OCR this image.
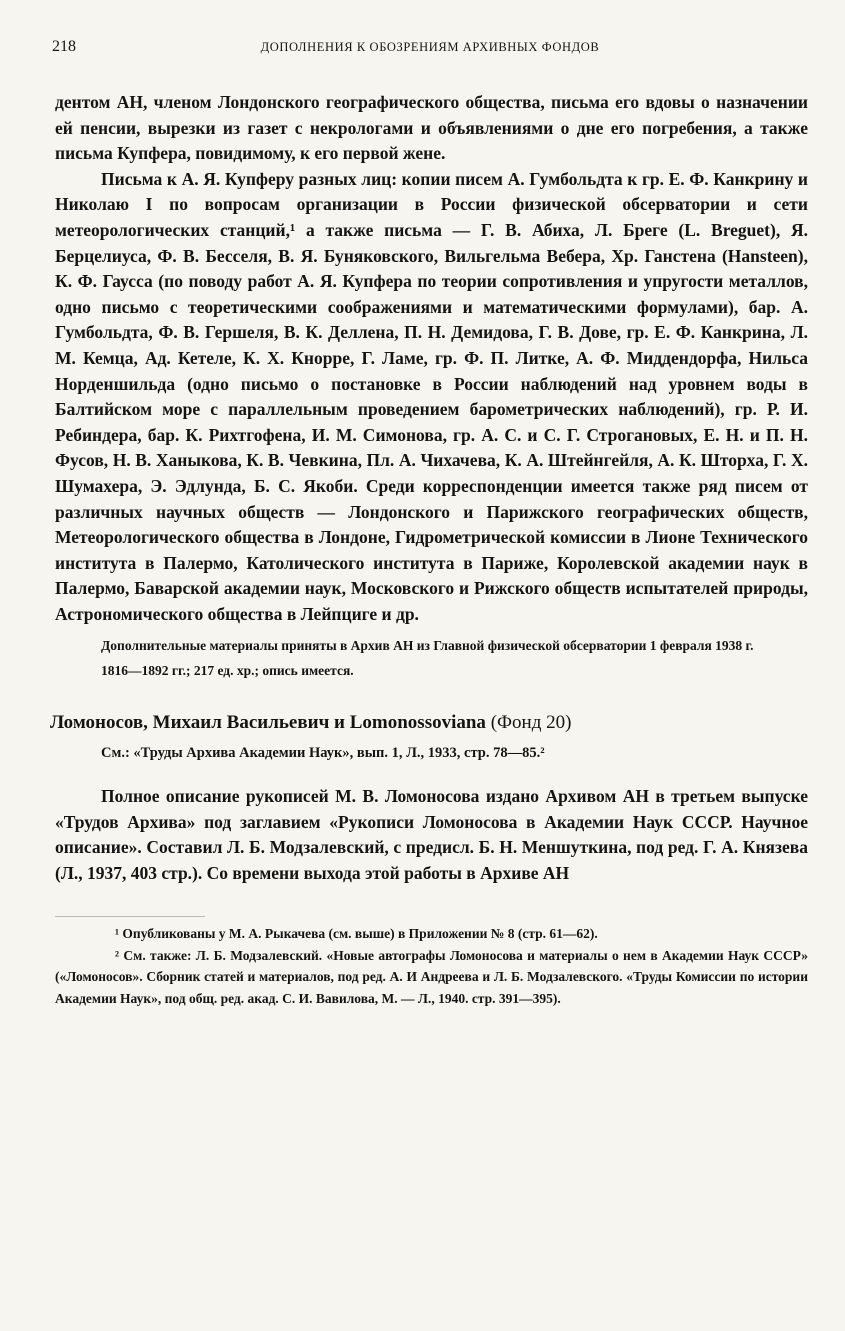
218	ДОПОЛНЕНИЯ К ОБОЗРЕНИЯМ АРХИВНЫХ ФОНДОВ

дентом АН, членом Лондонского географического общества, письма его вдовы о назначении ей пенсии, вырезки из газет с некрологами и объявлениями о дне его погребения, а также письма Купфера, повидимому, к его первой жене.

Письма к А. Я. Купферу разных лиц: копии писем А. Гумбольдта к гр. Е. Ф. Канкрину и Николаю I по вопросам организации в России физической обсерватории и сети метеорологических станций,¹ а также письма — Г. В. Абиха, Л. Бреге (L. Breguet), Я. Берцелиуса, Ф. В. Бесселя, В. Я. Буняковского, Вильгельма Вебера, Хр. Ганстена (Hansteen), К. Ф. Гаусса (по поводу работ А. Я. Купфера по теории сопротивления и упругости металлов, одно письмо с теоретическими соображениями и математическими формулами), бар. А. Гумбольдта, Ф. В. Гершеля, В. К. Деллена, П. Н. Демидова, Г. В. Дове, гр. Е. Ф. Канкрина, Л. М. Кемца, Ад. Кетеле, К. Х. Кнорре, Г. Ламе, гр. Ф. П. Литке, А. Ф. Миддендорфа, Нильса Норденшильда (одно письмо о постановке в России наблюдений над уровнем воды в Балтийском море с параллельным проведением барометрических наблюдений), гр. Р. И. Ребиндера, бар. К. Рихтгофена, И. М. Симонова, гр. А. С. и С. Г. Строгановых, Е. Н. и П. Н. Фусов, Н. В. Ханыкова, К. В. Чевкина, Пл. А. Чихачева, К. А. Штейнгейля, А. К. Шторха, Г. Х. Шумахера, Э. Эдлунда, Б. С. Якоби. Среди корреспонденции имеется также ряд писем от различных научных обществ — Лондонского и Парижского географических обществ, Метеорологического общества в Лондоне, Гидрометрической комиссии в Лионе Технического института в Палермо, Католического института в Париже, Королевской академии наук в Палермо, Баварской академии наук, Московского и Рижского обществ испытателей природы, Астрономического общества в Лейпциге и др.

Дополнительные материалы приняты в Архив АН из Главной физической обсерватории 1 февраля 1938 г.

1816—1892 гг.; 217 ед. хр.; опись имеется.

Ломоносов, Михаил Васильевич и Lomonossoviana (Фонд 20)

См.: «Труды Архива Академии Наук», вып. 1, Л., 1933, стр. 78—85.²

Полное описание рукописей М. В. Ломоносова издано Архивом АН в третьем выпуске «Трудов Архива» под заглавием «Рукописи Ломоносова в Академии Наук СССР. Научное описание». Составил Л. Б. Модзалевский, с предисл. Б. Н. Меншуткина, под ред. Г. А. Князева (Л., 1937, 403 стр.). Со времени выхода этой работы в Архиве АН

¹ Опубликованы у М. А. Рыкачева (см. выше) в Приложении № 8 (стр. 61—62).

² См. также: Л. Б. Модзалевский. «Новые автографы Ломоносова и материалы о нем в Академии Наук СССР» («Ломоносов». Сборник статей и материалов, под ред. А. И Андреева и Л. Б. Модзалевского. «Труды Комиссии по истории Академии Наук», под общ. ред. акад. С. И. Вавилова, М. — Л., 1940. стр. 391—395).
